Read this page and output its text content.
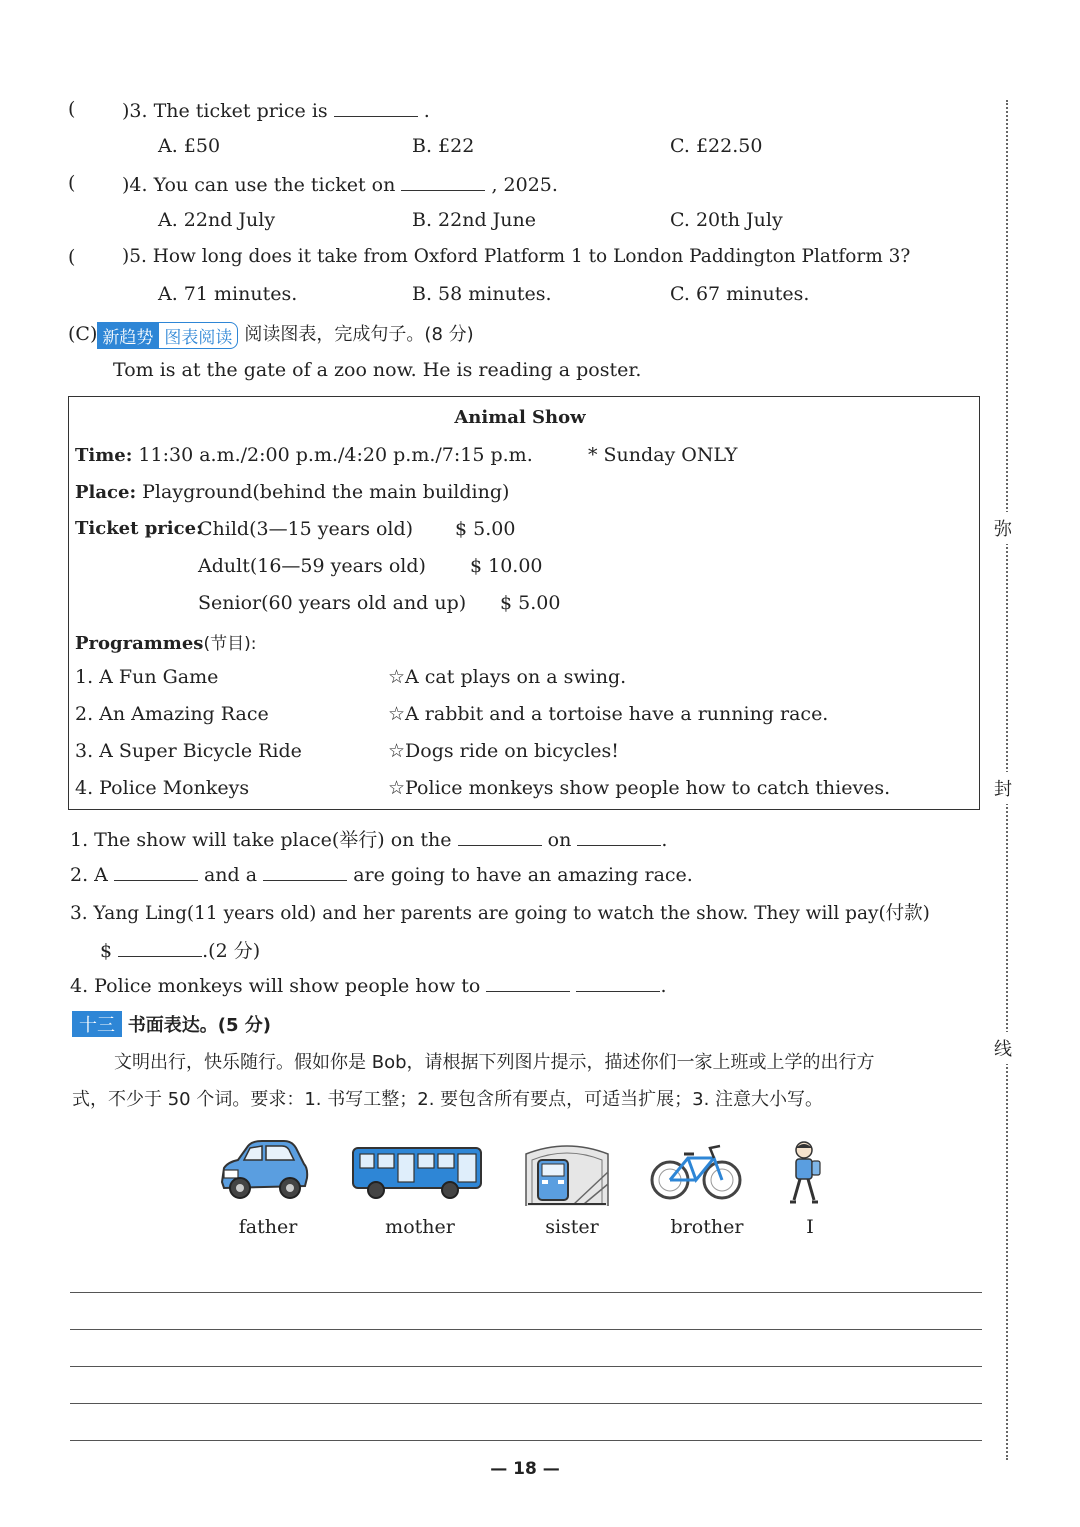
弥
封
线
( )3. The ticket price is	.
A. £50	B. £22	C. £22.50
( )4. You can use the ticket on	, 2025.
A. 22nd July	B. 22nd June	C. 20th July
(	)5. How long does it take from Oxford Platform 1 to London Paddington Platform 3?
A. 71 minutes.	B. 58 minutes.	C. 67 minutes.
(C) 新趋势 图表阅读 阅读图表，完成句子。(8 分)
Tom is at the gate of a zoo now. He is reading a poster.
Animal Show
Time: 11:30 a.m./2:00 p.m./4:20 p.m./7:15 p.m.	* Sunday ONLY
Place: Playground(behind the main building)
Ticket price:
Child(3—15 years old) $ 5.00
Adult(16—59 years old) $ 10.00
Senior(60 years old and up) $ 5.00
Programmes(节目):
1. A Fun Game	☆A cat plays on a swing.
2. An Amazing Race	☆A rabbit and a tortoise have a running race.
3. A Super Bicycle Ride	☆Dogs ride on bicycles!
4. Police Monkeys	☆Police monkeys show people how to catch thieves.
1. The show will take place(举行) on the	on	.
2. A	and a	are going to have an amazing race.
3. Yang Ling(11 years old) and her parents are going to watch the show. They will pay(付款)
$	.(2 分)
4. Police monkeys will show people how to	.
十三 书面表达。(5 分)
文明出行，快乐随行。假如你是 Bob，请根据下列图片提示，描述你们一家上班或上学的出行方
式，不少于 50 个词。要求：1. 书写工整；2. 要包含所有要点，可适当扩展；3. 注意大小写。
father	mother	sister	brother	I
— 18 —
